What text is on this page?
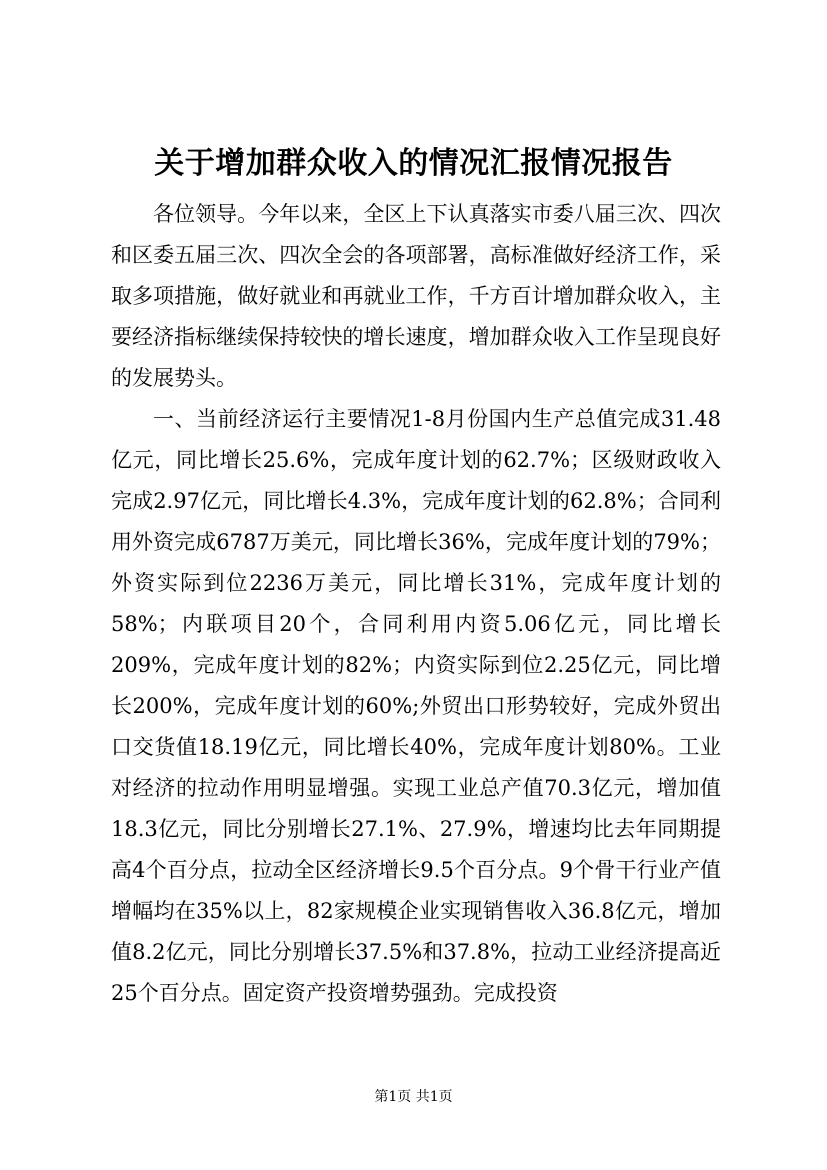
关于增加群众收入的情况汇报情况报告

各位领导。今年以来，全区上下认真落实市委八届三次、四次和区委五届三次、四次全会的各项部署，高标准做好经济工作，采取多项措施，做好就业和再就业工作，千方百计增加群众收入，主要经济指标继续保持较快的增长速度，增加群众收入工作呈现良好的发展势头。

一、当前经济运行主要情况1-8月份国内生产总值完成31.48亿元，同比增长25.6%，完成年度计划的62.7%；区级财政收入完成2.97亿元，同比增长4.3%，完成年度计划的62.8%；合同利用外资完成6787万美元，同比增长36%，完成年度计划的79%；外资实际到位2236万美元，同比增长31%，完成年度计划的58%；内联项目20个，合同利用内资5.06亿元，同比增长209%，完成年度计划的82%；内资实际到位2.25亿元，同比增长200%，完成年度计划的60%;外贸出口形势较好，完成外贸出口交货值18.19亿元，同比增长40%，完成年度计划80%。工业对经济的拉动作用明显增强。实现工业总产值70.3亿元，增加值18.3亿元，同比分别增长27.1%、27.9%，增速均比去年同期提高4个百分点，拉动全区经济增长9.5个百分点。9个骨干行业产值增幅均在35%以上，82家规模企业实现销售收入36.8亿元，增加值8.2亿元，同比分别增长37.5%和37.8%，拉动工业经济提高近25个百分点。固定资产投资增势强劲。完成投资

第1页 共1页
